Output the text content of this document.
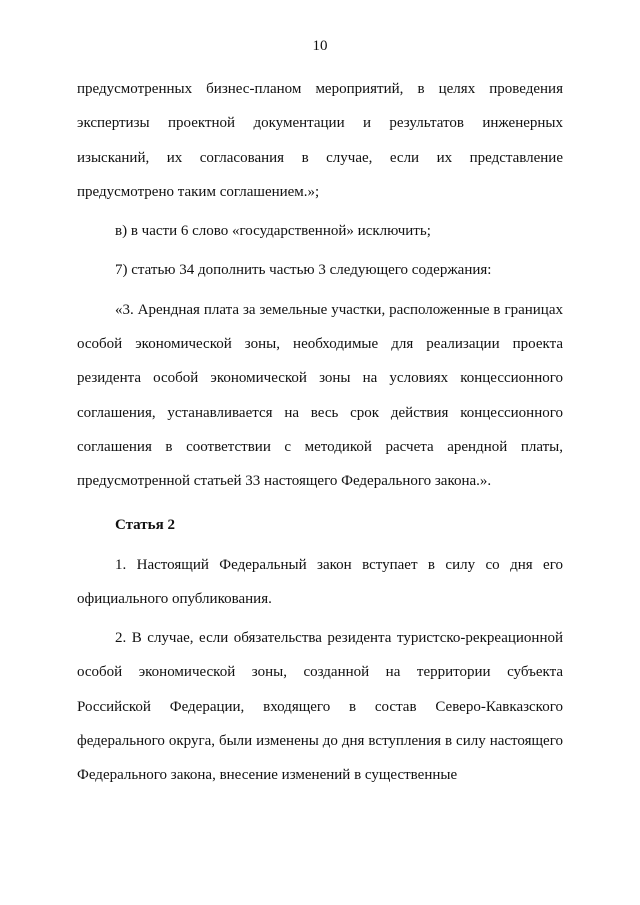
10

предусмотренных бизнес-планом мероприятий, в целях проведения экспертизы проектной документации и результатов инженерных изысканий, их согласования в случае, если их представление предусмотрено таким соглашением.»;

в) в части 6 слово «государственной» исключить;

7) статью 34 дополнить частью 3 следующего содержания:

«3. Арендная плата за земельные участки, расположенные в границах особой экономической зоны, необходимые для реализации проекта резидента особой экономической зоны на условиях концессионного соглашения, устанавливается на весь срок действия концессионного соглашения в соответствии с методикой расчета арендной платы, предусмотренной статьей 33 настоящего Федерального закона.».

Статья 2

1. Настоящий Федеральный закон вступает в силу со дня его официального опубликования.

2. В случае, если обязательства резидента туристско-рекреационной особой экономической зоны, созданной на территории субъекта Российской Федерации, входящего в состав Северо-Кавказского федерального округа, были изменены до дня вступления в силу настоящего Федерального закона, внесение изменений в существенные
